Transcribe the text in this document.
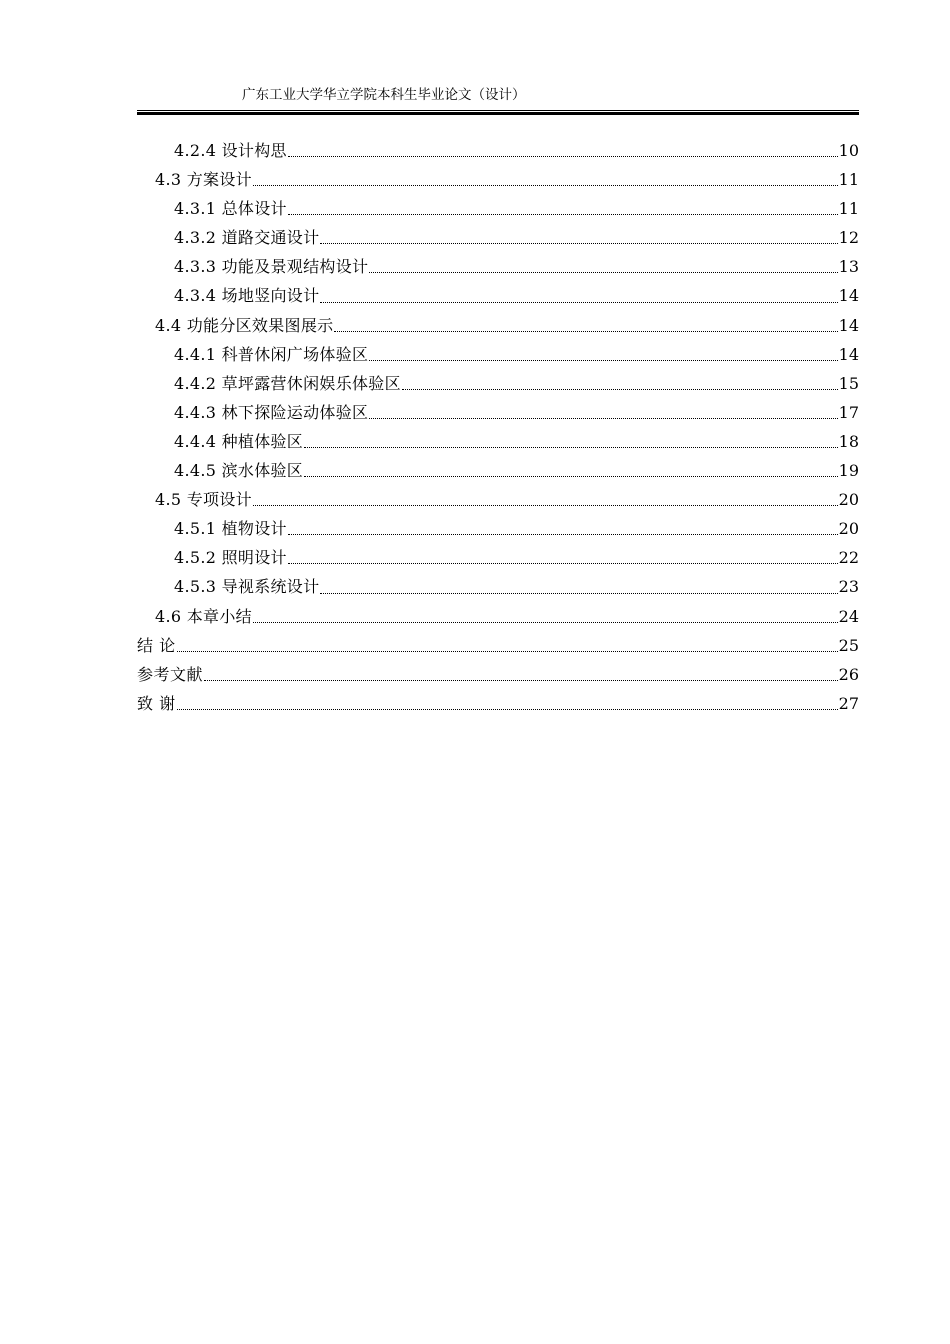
广东工业大学华立学院本科生毕业论文（设计）
4.2.4 设计构思	10
4.3 方案设计	11
4.3.1 总体设计	11
4.3.2 道路交通设计	12
4.3.3 功能及景观结构设计	13
4.3.4 场地竖向设计	14
4.4 功能分区效果图展示	14
4.4.1 科普休闲广场体验区	14
4.4.2 草坪露营休闲娱乐体验区	15
4.4.3 林下探险运动体验区	17
4.4.4 种植体验区	18
4.4.5 滨水体验区	19
4.5 专项设计	20
4.5.1 植物设计	20
4.5.2 照明设计	22
4.5.3 导视系统设计	23
4.6 本章小结	24
结 论	25
参考文献	26
致 谢	27
